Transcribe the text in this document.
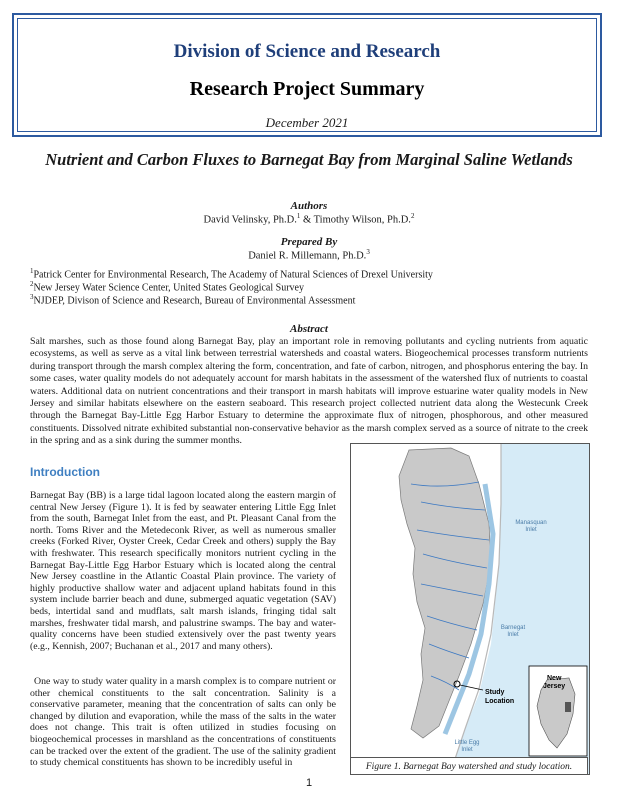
Division of Science and Research
Research Project Summary
December 2021
Nutrient and Carbon Fluxes to Barnegat Bay from Marginal Saline Wetlands
Authors
David Velinsky, Ph.D.$^1$ & Timothy Wilson, Ph.D.$^2$
Prepared By
Daniel R. Millemann, Ph.D.$^3$
$^1$Patrick Center for Environmental Research, The Academy of Natural Sciences of Drexel University
$^2$New Jersey Water Science Center, United States Geological Survey
$^3$NJDEP, Divison of Science and Research, Bureau of Environmental Assessment
Abstract
Salt marshes, such as those found along Barnegat Bay, play an important role in removing pollutants and cycling nutrients from aquatic ecosystems, as well as serve as a vital link between terrestrial watersheds and coastal waters. Biogeochemical processes transform nutrients during transport through the marsh complex altering the form, concentration, and fate of carbon, nitrogen, and phosphorus entering the bay. In some cases, water quality models do not adequately account for marsh habitats in the assessment of the watershed flux of nutrients to coastal waters. Additional data on nutrient concentrations and their transport in marsh habitats will improve estuarine water quality models in New Jersey and similar habitats elsewhere on the eastern seaboard. This research project collected nutrient data along the Westecunk Creek through the Barnegat Bay-Little Egg Harbor Estuary to determine the approximate flux of nitrogen, phosphorous, and other measured constituents. Dissolved nitrate exhibited substantial non-conservative behavior as the marsh complex served as a source of nitrate to the creek in the spring and as a sink during the summer months.
Introduction
Barnegat Bay (BB) is a large tidal lagoon located along the eastern margin of central New Jersey (Figure 1). It is fed by seawater entering Little Egg Inlet from the south, Barnegat Inlet from the east, and Pt. Pleasant Canal from the north. Toms River and the Metedeconk River, as well as numerous smaller creeks (Forked River, Oyster Creek, Cedar Creek and others) supply the Bay with freshwater. This research specifically monitors nutrient cycling in the Barnegat Bay-Little Egg Harbor Estuary which is located along the central New Jersey coastline in the Atlantic Coastal Plain province. The variety of highly productive shallow water and adjacent upland habitats found in this system include barrier beach and dune, submerged aquatic vegetation (SAV) beds, intertidal sand and mudflats, salt marsh islands, fringing tidal salt marshes, freshwater tidal marsh, and palustrine swamps. The bay and water-quality concerns have been studied extensively over the past twenty years (e.g., Kennish, 2007; Buchanan et al., 2017 and many others).
One way to study water quality in a marsh complex is to compare nutrient or other chemical constituents to the salt concentration. Salinity is a conservative parameter, meaning that the concentration of salts can only be changed by dilution and evaporation, while the mass of the salts in the water does not change. This trait is often utilized in studies focusing on biogeochemical processes in marshland as the concentrations of constituents can be tracked over the extent of the gradient. The use of the salinity gradient to study chemical constituents has shown to be incredibly useful in
Manasquan
Inlet
Barnegat
Inlet
Study
Location
Little Egg
Inlet
New
Jersey
Figure 1. Barnegat Bay watershed and study location.
1
